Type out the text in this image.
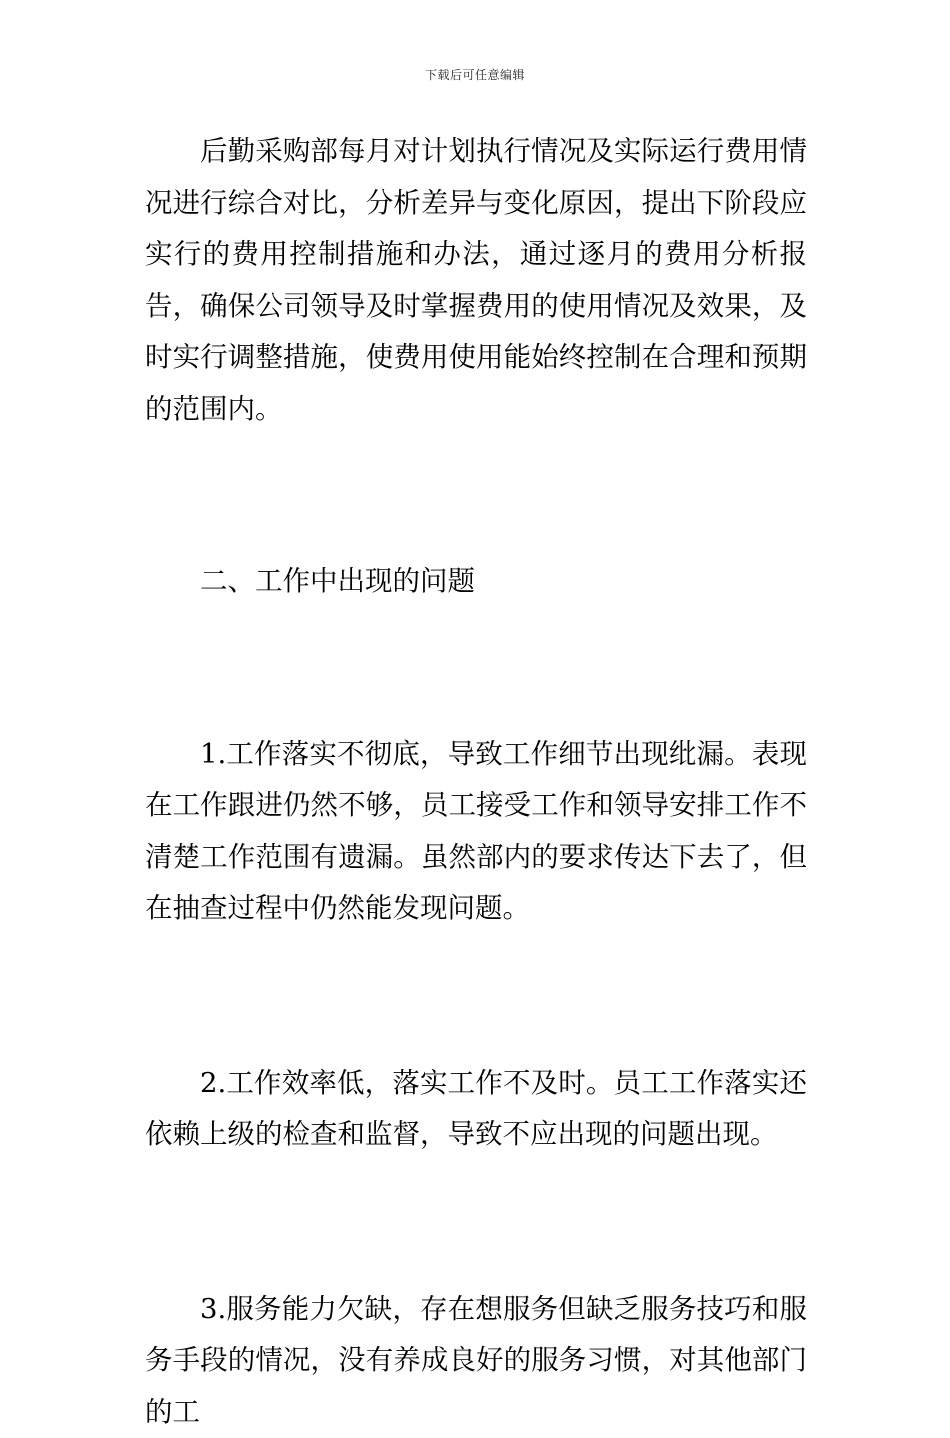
下载后可任意编辑

后勤采购部每月对计划执行情况及实际运行费用情况进行综合对比，分析差异与变化原因，提出下阶段应实行的费用控制措施和办法，通过逐月的费用分析报告，确保公司领导及时掌握费用的使用情况及效果，及时实行调整措施，使费用使用能始终控制在合理和预期的范围内。

二、工作中出现的问题

1.工作落实不彻底，导致工作细节出现纰漏。表现在工作跟进仍然不够，员工接受工作和领导安排工作不清楚工作范围有遗漏。虽然部内的要求传达下去了，但在抽查过程中仍然能发现问题。

2.工作效率低，落实工作不及时。员工工作落实还依赖上级的检查和监督，导致不应出现的问题出现。

3.服务能力欠缺，存在想服务但缺乏服务技巧和服务手段的情况，没有养成良好的服务习惯，对其他部门的工
